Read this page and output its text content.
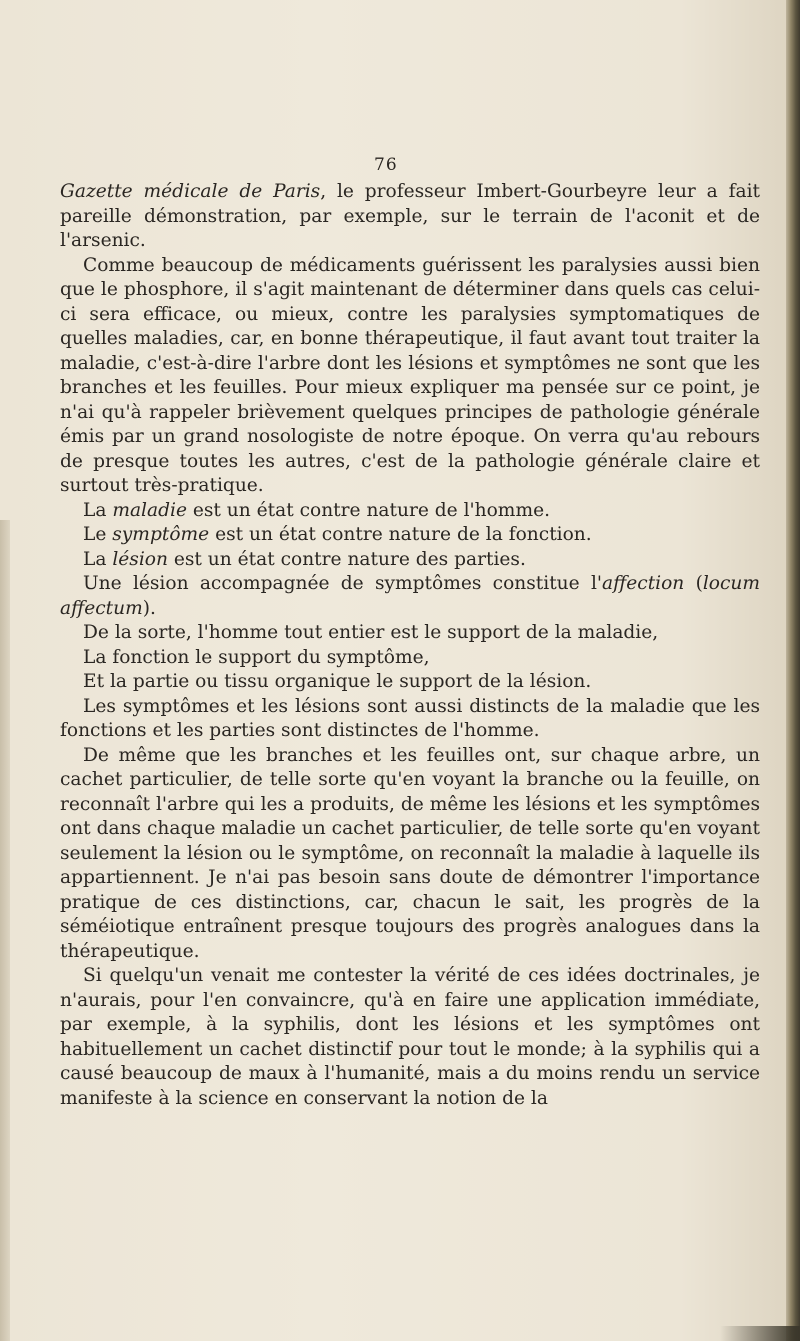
76

Gazette médicale de Paris, le professeur Imbert-Gourbeyre leur a fait pareille démonstration, par exemple, sur le terrain de l'aconit et de l'arsenic.

Comme beaucoup de médicaments guérissent les paralysies aussi bien que le phosphore, il s'agit maintenant de déterminer dans quels cas celui-ci sera efficace, ou mieux, contre les paralysies symptomatiques de quelles maladies, car, en bonne thérapeutique, il faut avant tout traiter la maladie, c'est-à-dire l'arbre dont les lésions et symptômes ne sont que les branches et les feuilles. Pour mieux expliquer ma pensée sur ce point, je n'ai qu'à rappeler brièvement quelques principes de pathologie générale émis par un grand nosologiste de notre époque. On verra qu'au rebours de presque toutes les autres, c'est de la pathologie générale claire et surtout très-pratique.

La maladie est un état contre nature de l'homme.

Le symptôme est un état contre nature de la fonction.

La lésion est un état contre nature des parties.

Une lésion accompagnée de symptômes constitue l'affection (locum affectum).

De la sorte, l'homme tout entier est le support de la maladie,

La fonction le support du symptôme,

Et la partie ou tissu organique le support de la lésion.

Les symptômes et les lésions sont aussi distincts de la maladie que les fonctions et les parties sont distinctes de l'homme.

De même que les branches et les feuilles ont, sur chaque arbre, un cachet particulier, de telle sorte qu'en voyant la branche ou la feuille, on reconnaît l'arbre qui les a produits, de même les lésions et les symptômes ont dans chaque maladie un cachet particulier, de telle sorte qu'en voyant seulement la lésion ou le symptôme, on reconnaît la maladie à laquelle ils appartiennent. Je n'ai pas besoin sans doute de démontrer l'importance pratique de ces distinctions, car, chacun le sait, les progrès de la séméiotique entraînent presque toujours des progrès analogues dans la thérapeutique.

Si quelqu'un venait me contester la vérité de ces idées doctrinales, je n'aurais, pour l'en convaincre, qu'à en faire une application immédiate, par exemple, à la syphilis, dont les lésions et les symptômes ont habituellement un cachet distinctif pour tout le monde; à la syphilis qui a causé beaucoup de maux à l'humanité, mais a du moins rendu un service manifeste à la science en conservant la notion de la
